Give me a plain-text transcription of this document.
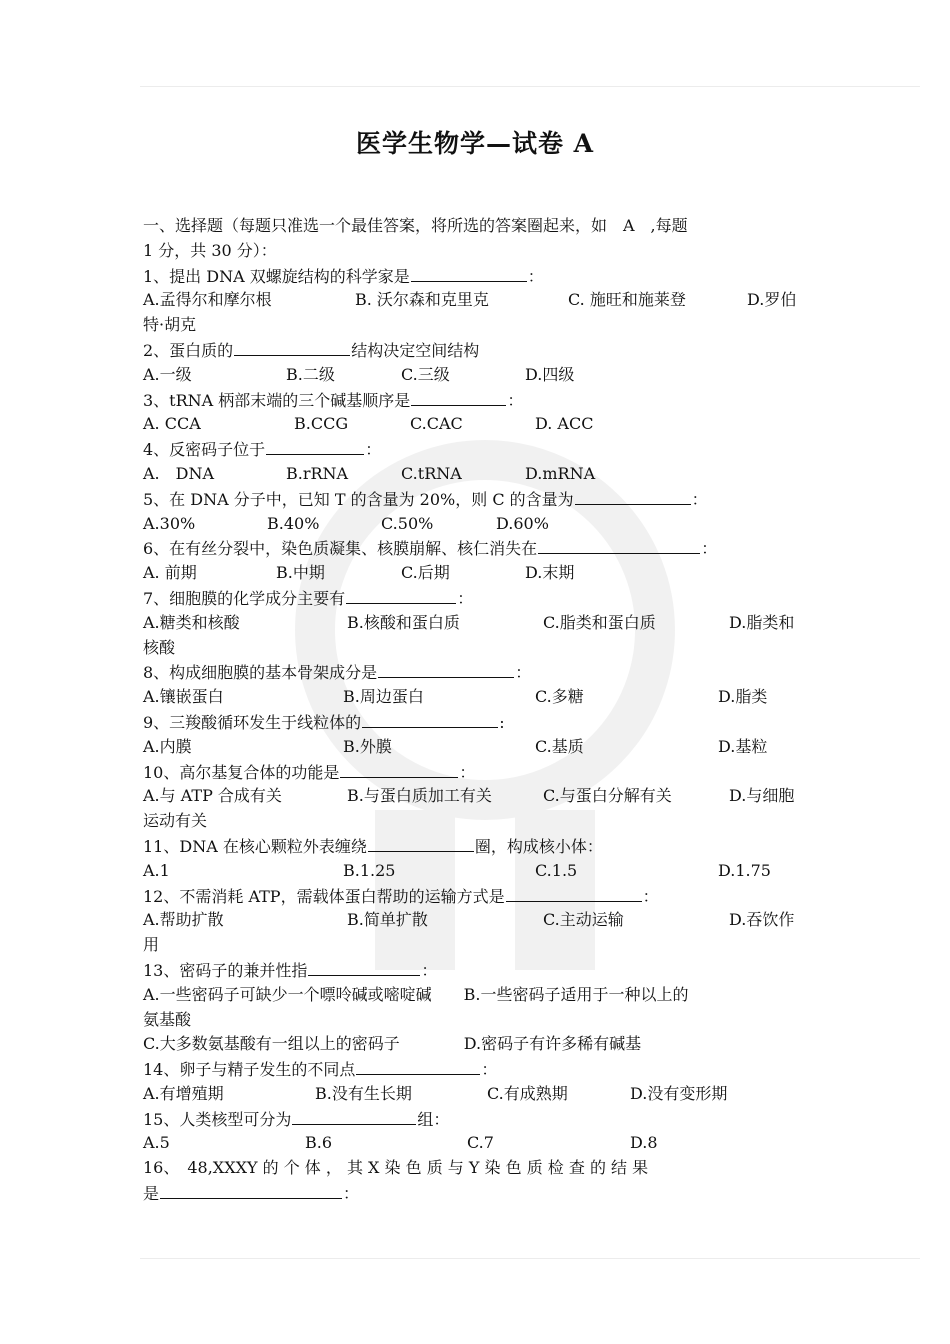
医学生物学—试卷 A
一、选择题（每题只准选一个最佳答案，将所选的答案圈起来，如　A　,每题
1 分，共 30 分）：
1、提出 DNA 双螺旋结构的科学家是	：
A.孟得尔和摩尔根	B. 沃尔森和克里克	C. 施旺和施莱登	D.罗伯
特·胡克
2、蛋白质的	结构决定空间结构
A.一级	B.二级	C.三级	D.四级
3、tRNA 柄部末端的三个碱基顺序是	：
A. CCA	B.CCG	C.CAC	D. ACC
4、反密码子位于	：
A.　DNA	B.rRNA	C.tRNA	D.mRNA
5、在 DNA 分子中，已知 T 的含量为 20%，则 C 的含量为	：
A.30%	B.40%	C.50%	D.60%
6、在有丝分裂中，染色质凝集、核膜崩解、核仁消失在	：
A. 前期	B.中期	C.后期	D.末期
7、细胞膜的化学成分主要有	：
A.糖类和核酸	B.核酸和蛋白质	C.脂类和蛋白质	D.脂类和
核酸
8、构成细胞膜的基本骨架成分是	：
A.镶嵌蛋白	B.周边蛋白	C.多糖	D.脂类
9、三羧酸循环发生于线粒体的	:
A.内膜	B.外膜	C.基质	D.基粒
10、高尔基复合体的功能是	：
A.与 ATP 合成有关	B.与蛋白质加工有关	C.与蛋白分解有关	D.与细胞
运动有关
11、DNA 在核心颗粒外表缠绕	圈，构成核小体：
A.1	B.1.25	C.1.5	D.1.75
12、不需消耗 ATP，需载体蛋白帮助的运输方式是	：
A.帮助扩散	B.简单扩散	C.主动运输	D.吞饮作
用
13、密码子的兼并性指	：
A.一些密码子可缺少一个嘌呤碱或嘧啶碱　　B.一些密码子适用于一种以上的
氨基酸
C.大多数氨基酸有一组以上的密码子　　　　D.密码子有许多稀有碱基
14、卵子与精子发生的不同点	：
A.有增殖期	B.没有生长期	C.有成熟期	D.没有变形期
15、人类核型可分为	组：
A.5	B.6	C.7	D.8
16、　48,XXXY 的 个 体 ， 其 X 染 色 质 与 Y 染 色 质 检 查 的 结 果
是	：
